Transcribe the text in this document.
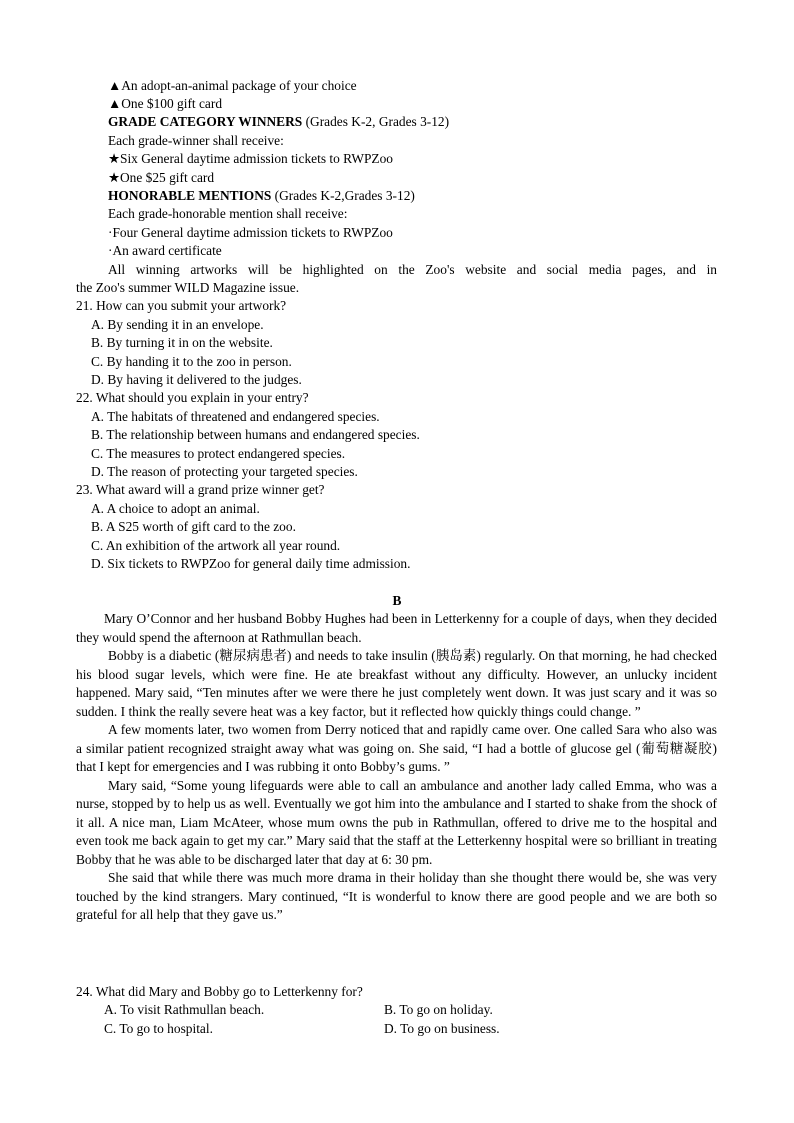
▲An adopt-an-animal package of your choice
▲One $100 gift card
GRADE CATEGORY WINNERS (Grades K-2, Grades 3-12)
Each grade-winner shall receive:
★Six General daytime admission tickets to RWPZoo
★One $25 gift card
HONORABLE MENTIONS (Grades K-2,Grades 3-12)
Each grade-honorable mention shall receive:
·Four General daytime admission tickets to RWPZoo
·An award certificate
All winning artworks will be highlighted on the Zoo's website and social media pages, and in
the Zoo's summer WILD Magazine issue.
21. How can you submit your artwork?
A. By sending it in an envelope.
B. By turning it in on the website.
C. By handing it to the zoo in person.
D. By having it delivered to the judges.
22. What should you explain in your entry?
A. The habitats of threatened and endangered species.
B. The relationship between humans and endangered species.
C. The measures to protect endangered species.
D. The reason of protecting your targeted species.
23. What award will a grand prize winner get?
A. A choice to adopt an animal.
B. A S25 worth of gift card to the zoo.
C. An exhibition of the artwork all year round.
D. Six tickets to RWPZoo for general daily time admission.
B

Mary O’Connor and her husband Bobby Hughes had been in Letterkenny for a couple of days, when they decided they would spend the afternoon at Rathmullan beach.

Bobby is a diabetic (糖尿病患者) and needs to take insulin (胰岛素) regularly. On that morning, he had checked his blood sugar levels, which were fine. He ate breakfast without any difficulty. However, an unlucky incident happened. Mary said, “Ten minutes after we were there he just completely went down. It was just scary and it was so sudden. I think the really severe heat was a key factor, but it reflected how quickly things could change. ”

A few moments later, two women from Derry noticed that and rapidly came over. One called Sara who also was a similar patient recognized straight away what was going on. She said, “I had a bottle of glucose gel (葡萄糖凝胶) that I kept for emergencies and I was rubbing it onto Bobby’s gums. ”

Mary said, “Some young lifeguards were able to call an ambulance and another lady called Emma, who was a nurse, stopped by to help us as well. Eventually we got him into the ambulance and I started to shake from the shock of it all. A nice man, Liam McAteer, whose mum owns the pub in Rathmullan, offered to drive me to the hospital and even took me back again to get my car.” Mary said that the staff at the Letterkenny hospital were so brilliant in treating Bobby that he was able to be discharged later that day at 6: 30 pm.

She said that while there was much more drama in their holiday than she thought there would be, she was very touched by the kind strangers. Mary continued, “It is wonderful to know there are good people and we are both so grateful for all help that they gave us.”

24. What did Mary and Bobby go to Letterkenny for?
A. To visit Rathmullan beach.	B. To go on holiday.
C. To go to hospital.	D. To go on business.
